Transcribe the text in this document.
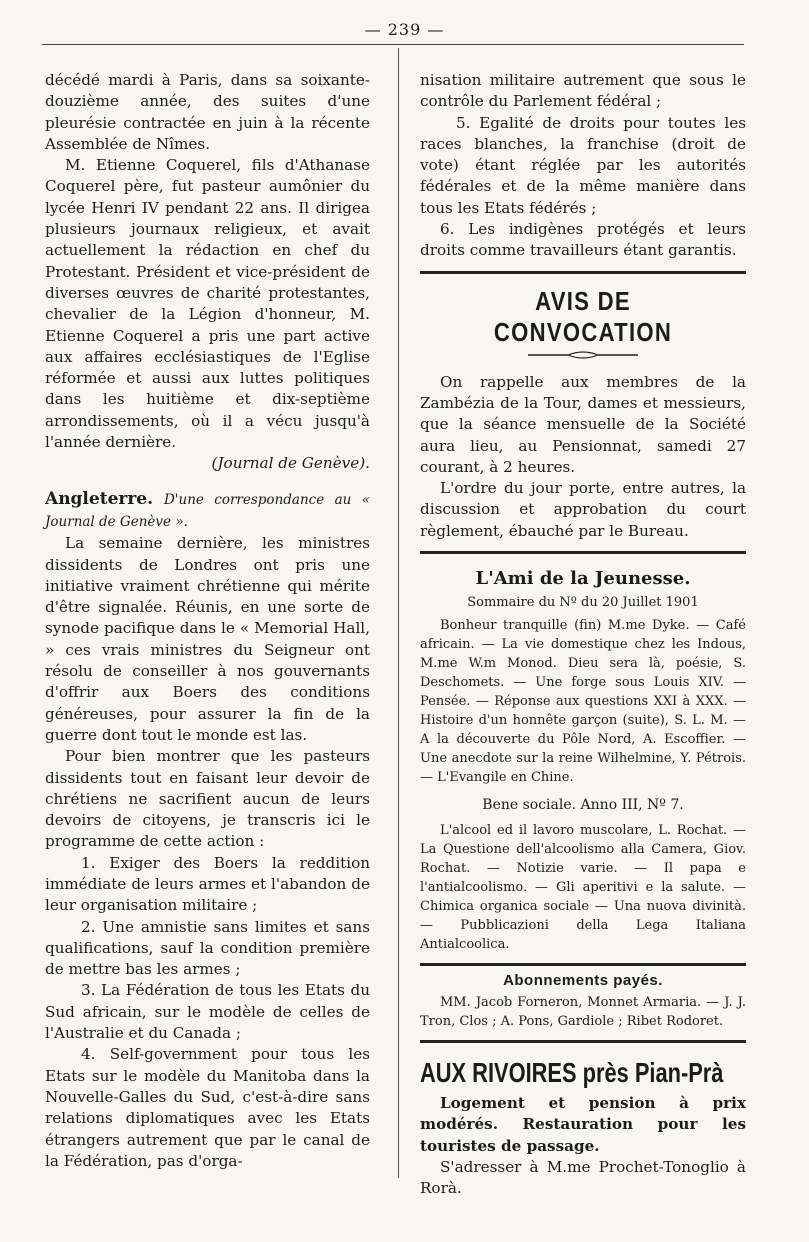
— 239 —

décédé mardi à Paris, dans sa soixante-douzième année, des suites d'une pleurésie contractée en juin à la récente Assemblée de Nîmes.

M. Etienne Coquerel, fils d'Athanase Coquerel père, fut pasteur aumônier du lycée Henri IV pendant 22 ans. Il dirigea plusieurs journaux religieux, et avait actuellement la rédaction en chef du Protestant. Président et vice-président de diverses œuvres de charité protestantes, chevalier de la Légion d'honneur, M. Etienne Coquerel a pris une part active aux affaires ecclésiastiques de l'Eglise réformée et aussi aux luttes politiques dans les huitième et dix-septième arrondissements, où il a vécu jusqu'à l'année dernière.

(Journal de Genève).

Angleterre. D'une correspondance au « Journal de Genève ».

La semaine dernière, les ministres dissidents de Londres ont pris une initiative vraiment chrétienne qui mérite d'être signalée. Réunis, en une sorte de synode pacifique dans le « Memorial Hall, » ces vrais ministres du Seigneur ont résolu de conseiller à nos gouvernants d'offrir aux Boers des conditions généreuses, pour assurer la fin de la guerre dont tout le monde est las.

Pour bien montrer que les pasteurs dissidents tout en faisant leur devoir de chrétiens ne sacrifient aucun de leurs devoirs de citoyens, je transcris ici le programme de cette action :

1. Exiger des Boers la reddition immédiate de leurs armes et l'abandon de leur organisation militaire ;

2. Une amnistie sans limites et sans qualifications, sauf la condition première de mettre bas les armes ;

3. La Fédération de tous les Etats du Sud africain, sur le modèle de celles de l'Australie et du Canada ;

4. Self-government pour tous les Etats sur le modèle du Manitoba dans la Nouvelle-Galles du Sud, c'est-à-dire sans relations diplomatiques avec les Etats étrangers autrement que par le canal de la Fédération, pas d'orga-

nisation militaire autrement que sous le contrôle du Parlement fédéral ;

5. Egalité de droits pour toutes les races blanches, la franchise (droit de vote) étant réglée par les autorités fédérales et de la même manière dans tous les Etats fédérés ;

6. Les indigènes protégés et leurs droits comme travailleurs étant garantis.

AVIS DE CONVOCATION

On rappelle aux membres de la Zambézia de la Tour, dames et messieurs, que la séance mensuelle de la Société aura lieu, au Pensionnat, samedi 27 courant, à 2 heures.

L'ordre du jour porte, entre autres, la discussion et approbation du court règlement, ébauché par le Bureau.

L'Ami de la Jeunesse.
Sommaire du Nº du 20 Juillet 1901

Bonheur tranquille (fin) M.me Dyke. — Café africain. — La vie domestique chez les Indous, M.me W.m Monod. Dieu sera là, poésie, S. Deschomets. — Une forge sous Louis XIV. — Pensée. — Réponse aux questions XXI à XXX. — Histoire d'un honnête garçon (suite), S. L. M. — A la découverte du Pôle Nord, A. Escoffier. — Une anecdote sur la reine Wilhelmine, Y. Pétrois. — L'Evangile en Chine.

Bene sociale. Anno III, Nº 7.

L'alcool ed il lavoro muscolare, L. Rochat. — La Questione dell'alcoolismo alla Camera, Giov. Rochat. — Notizie varie. — Il papa e l'antialcoolismo. — Gli aperitivi e la salute. — Chimica organica sociale — Una nuova divinità. — Pubblicazioni della Lega Italiana Antialcoolica.

Abonnements payés.

MM. Jacob Forneron, Monnet Armaria. — J. J. Tron, Clos ; A. Pons, Gardiole ; Ribet Rodoret.

AUX RIVOIRES près Pian-Prà

Logement et pension à prix modérés. Restauration pour les touristes de passage.

S'adresser à M.me Prochet-Tonoglio à Rorà.
